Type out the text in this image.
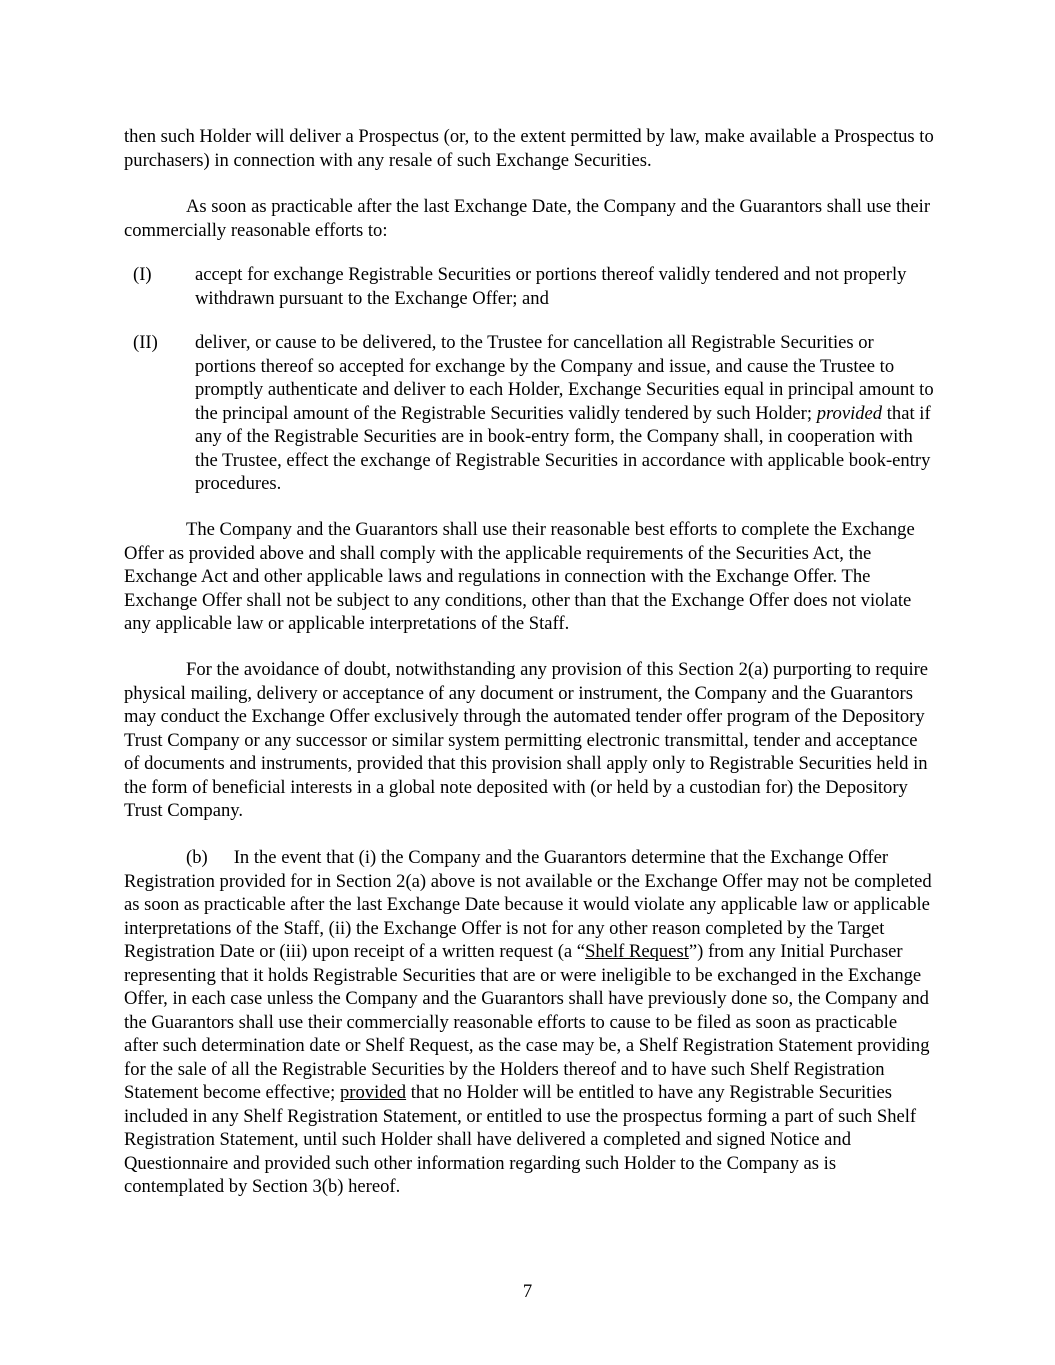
then such Holder will deliver a Prospectus (or, to the extent permitted by law, make available a Prospectus to purchasers) in connection with any resale of such Exchange Securities.

As soon as practicable after the last Exchange Date, the Company and the Guarantors shall use their commercially reasonable efforts to:

(I) accept for exchange Registrable Securities or portions thereof validly tendered and not properly withdrawn pursuant to the Exchange Offer; and
(II) deliver, or cause to be delivered, to the Trustee for cancellation all Registrable Securities or portions thereof so accepted for exchange by the Company and issue, and cause the Trustee to promptly authenticate and deliver to each Holder, Exchange Securities equal in principal amount to the principal amount of the Registrable Securities validly tendered by such Holder; provided that if any of the Registrable Securities are in book-entry form, the Company shall, in cooperation with the Trustee, effect the exchange of Registrable Securities in accordance with applicable book-entry procedures.

The Company and the Guarantors shall use their reasonable best efforts to complete the Exchange Offer as provided above and shall comply with the applicable requirements of the Securities Act, the Exchange Act and other applicable laws and regulations in connection with the Exchange Offer. The Exchange Offer shall not be subject to any conditions, other than that the Exchange Offer does not violate any applicable law or applicable interpretations of the Staff.

For the avoidance of doubt, notwithstanding any provision of this Section 2(a) purporting to require physical mailing, delivery or acceptance of any document or instrument, the Company and the Guarantors may conduct the Exchange Offer exclusively through the automated tender offer program of the Depository Trust Company or any successor or similar system permitting electronic transmittal, tender and acceptance of documents and instruments, provided that this provision shall apply only to Registrable Securities held in the form of beneficial interests in a global note deposited with (or held by a custodian for) the Depository Trust Company.

(b) In the event that (i) the Company and the Guarantors determine that the Exchange Offer Registration provided for in Section 2(a) above is not available or the Exchange Offer may not be completed as soon as practicable after the last Exchange Date because it would violate any applicable law or applicable interpretations of the Staff, (ii) the Exchange Offer is not for any other reason completed by the Target Registration Date or (iii) upon receipt of a written request (a “Shelf Request”) from any Initial Purchaser representing that it holds Registrable Securities that are or were ineligible to be exchanged in the Exchange Offer, in each case unless the Company and the Guarantors shall have previously done so, the Company and the Guarantors shall use their commercially reasonable efforts to cause to be filed as soon as practicable after such determination date or Shelf Request, as the case may be, a Shelf Registration Statement providing for the sale of all the Registrable Securities by the Holders thereof and to have such Shelf Registration Statement become effective; provided that no Holder will be entitled to have any Registrable Securities included in any Shelf Registration Statement, or entitled to use the prospectus forming a part of such Shelf Registration Statement, until such Holder shall have delivered a completed and signed Notice and Questionnaire and provided such other information regarding such Holder to the Company as is contemplated by Section 3(b) hereof.

7
